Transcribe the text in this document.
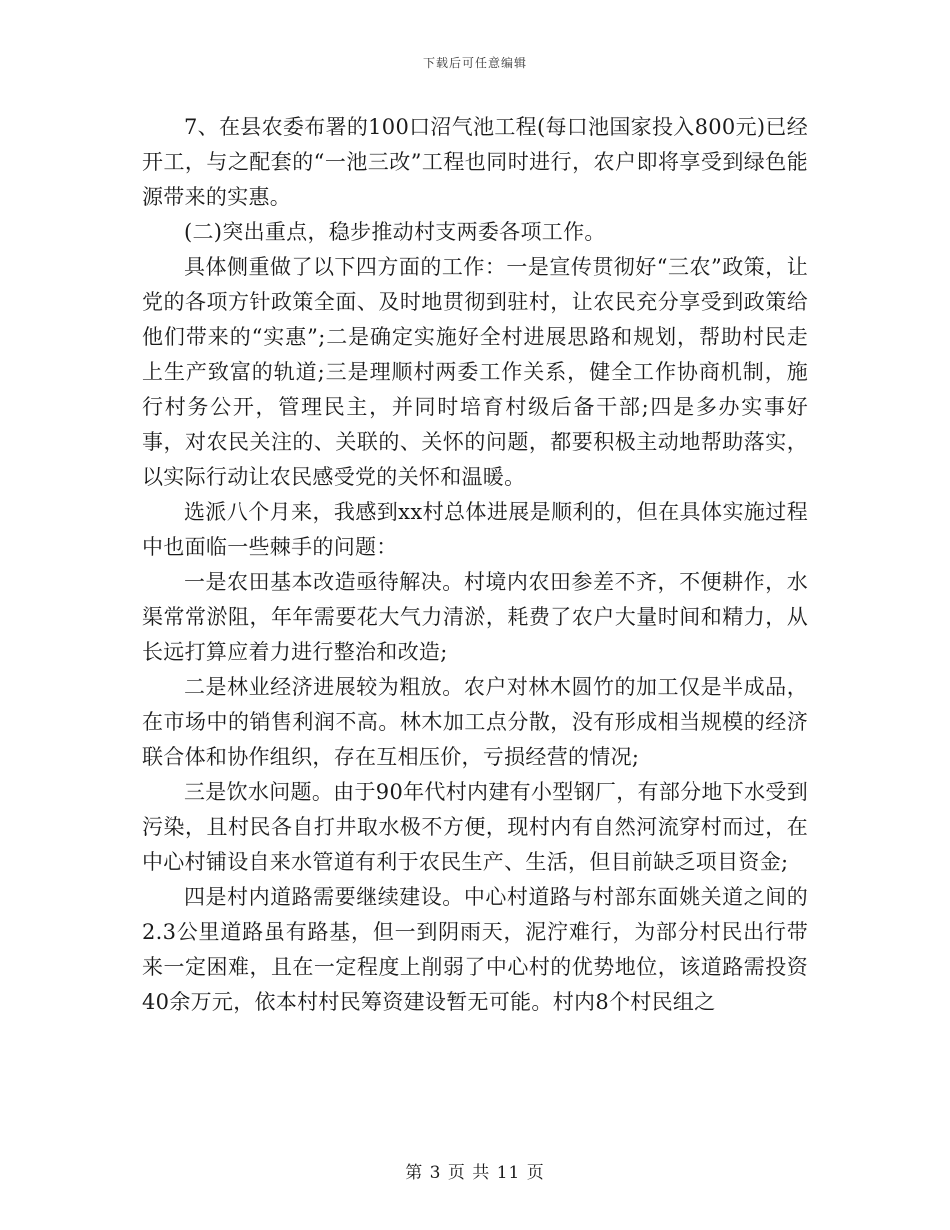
下载后可任意编辑

7、在县农委布署的100口沼气池工程(每口池国家投入800元)已经开工，与之配套的“一池三改”工程也同时进行，农户即将享受到绿色能源带来的实惠。

(二)突出重点，稳步推动村支两委各项工作。

具体侧重做了以下四方面的工作：一是宣传贯彻好“三农”政策，让党的各项方针政策全面、及时地贯彻到驻村，让农民充分享受到政策给他们带来的“实惠”;二是确定实施好全村进展思路和规划，帮助村民走上生产致富的轨道;三是理顺村两委工作关系，健全工作协商机制，施行村务公开，管理民主，并同时培育村级后备干部;四是多办实事好事，对农民关注的、关联的、关怀的问题，都要积极主动地帮助落实，以实际行动让农民感受党的关怀和温暖。

选派八个月来，我感到xx村总体进展是顺利的，但在具体实施过程中也面临一些棘手的问题：

一是农田基本改造亟待解决。村境内农田参差不齐，不便耕作，水渠常常淤阻，年年需要花大气力清淤，耗费了农户大量时间和精力，从长远打算应着力进行整治和改造;

二是林业经济进展较为粗放。农户对林木圆竹的加工仅是半成品，在市场中的销售利润不高。林木加工点分散，没有形成相当规模的经济联合体和协作组织，存在互相压价，亏损经营的情况;

三是饮水问题。由于90年代村内建有小型钢厂，有部分地下水受到污染，且村民各自打井取水极不方便，现村内有自然河流穿村而过，在中心村铺设自来水管道有利于农民生产、生活，但目前缺乏项目资金;

四是村内道路需要继续建设。中心村道路与村部东面姚关道之间的2.3公里道路虽有路基，但一到阴雨天，泥泞难行，为部分村民出行带来一定困难，且在一定程度上削弱了中心村的优势地位，该道路需投资40余万元，依本村村民筹资建设暂无可能。村内8个村民组之

第 3 页 共 11 页
